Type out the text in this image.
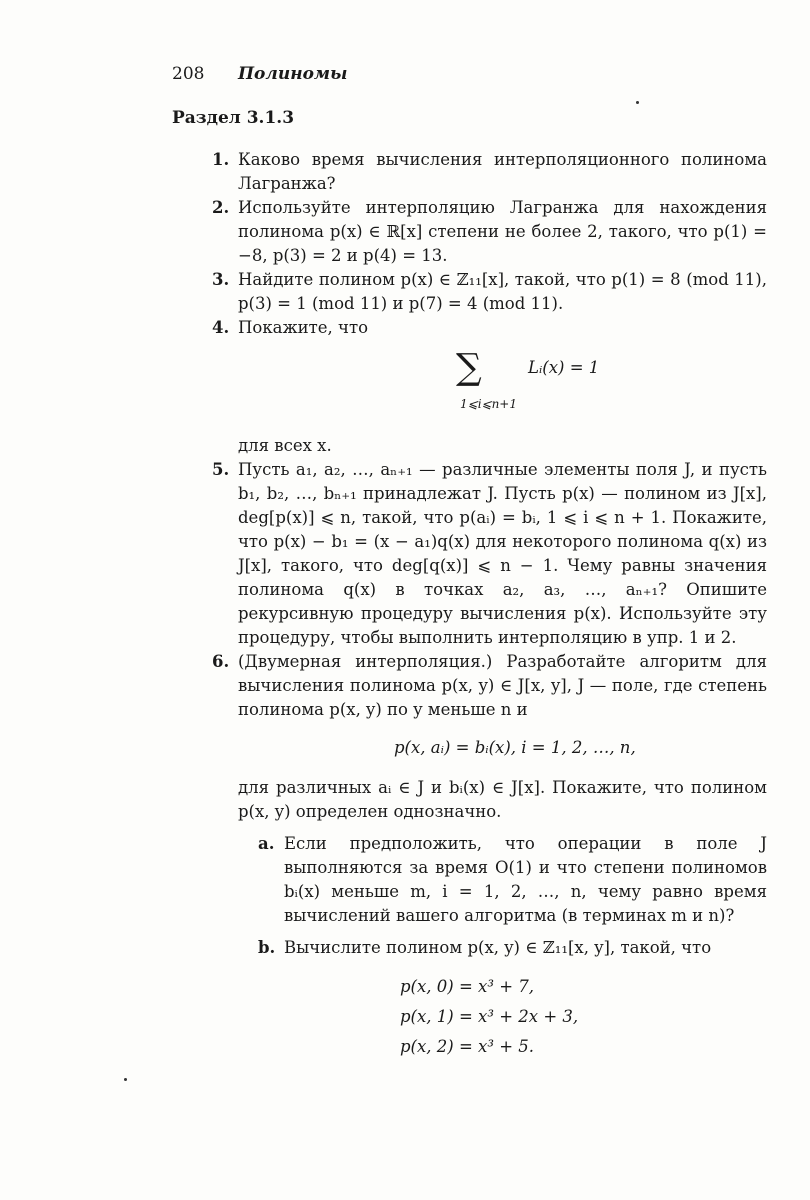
208 Полиномы
Раздел 3.1.3
1. Каково время вычисления интерполяционного полинома Лагранжа?

2. Используйте интерполяцию Лагранжа для нахождения полинома p(x) ∈ ℝ[x] степени не более 2, такого, что p(1) = −8, p(3) = 2 и p(4) = 13.

3. Найдите полином p(x) ∈ ℤ₁₁[x], такой, что p(1) = 8 (mod 11), p(3) = 1 (mod 11) и p(7) = 4 (mod 11).

4. Покажите, что

∑	Lᵢ(x) = 1
1⩽i⩽n+1

для всех x.

5. Пусть a₁, a₂, …, aₙ₊₁ — различные элементы поля J, и пусть b₁, b₂, …, bₙ₊₁ принадлежат J. Пусть p(x) — полином из J[x], deg[p(x)] ⩽ n, такой, что p(aᵢ) = bᵢ, 1 ⩽ i ⩽ n + 1. Покажите, что p(x) − b₁ = (x − a₁)q(x) для некоторого полинома q(x) из J[x], такого, что deg[q(x)] ⩽ n − 1. Чему равны значения полинома q(x) в точках a₂, a₃, …, aₙ₊₁? Опишите рекурсивную процедуру вычисления p(x). Используйте эту процедуру, чтобы выполнить интерполяцию в упр. 1 и 2.

6. (Двумерная интерполяция.) Разработайте алгоритм для вычисления полинома p(x, y) ∈ J[x, y], J — поле, где степень полинома p(x, y) по y меньше n и

p(x, aᵢ) = bᵢ(x), i = 1, 2, …, n,

для различных aᵢ ∈ J и bᵢ(x) ∈ J[x]. Покажите, что полином p(x, y) определен однозначно.

a. Если предположить, что операции в поле J выполняются за время O(1) и что степени полиномов bᵢ(x) меньше m, i = 1, 2, …, n, чему равно время вычислений вашего алгоритма (в терминах m и n)?

b. Вычислите полином p(x, y) ∈ ℤ₁₁[x, y], такой, что

p(x, 0) = x³ + 7,
p(x, 1) = x³ + 2x + 3,
p(x, 2) = x³ + 5.
